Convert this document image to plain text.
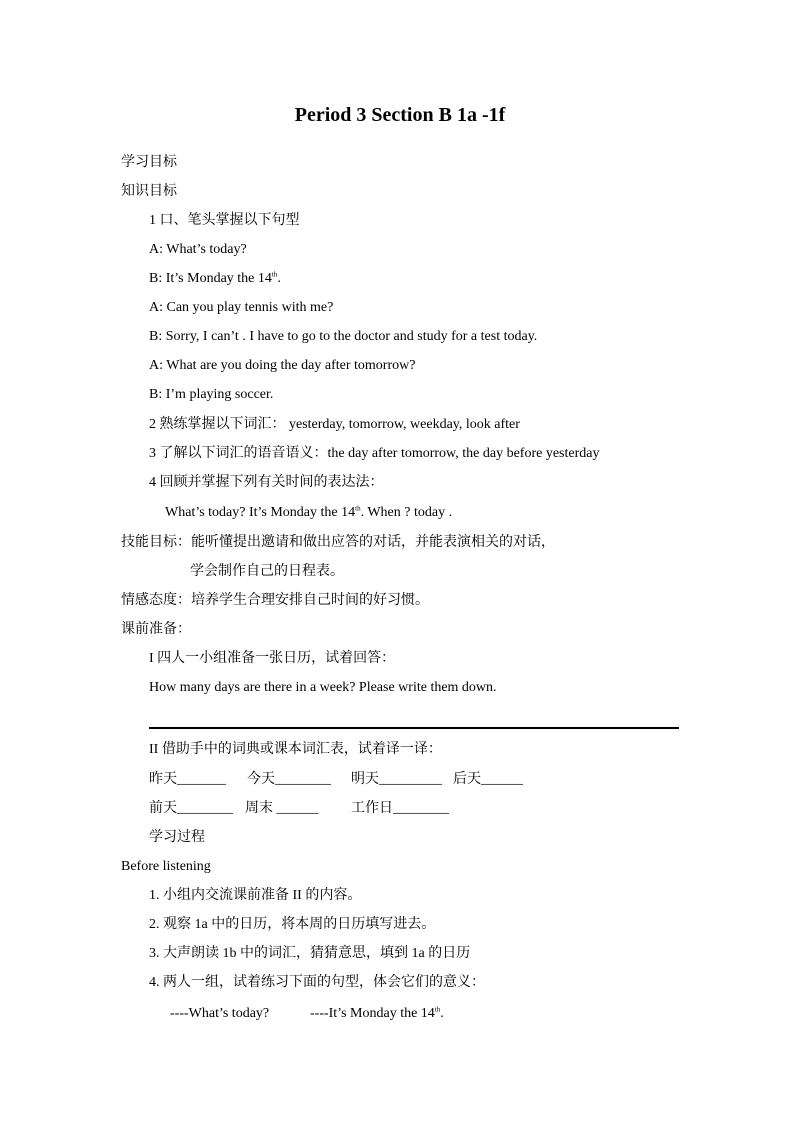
Period 3 Section B 1a -1f
学习目标
知识目标
1 口、笔头掌握以下句型
A: What’s today?
B: It’s Monday the 14th.
A: Can you play tennis with me?
B: Sorry, I can’t . I have to go to the doctor and study for a test today.
A: What are you doing the day after tomorrow?
B: I’m playing soccer.
2 熟练掌握以下词汇： yesterday, tomorrow, weekday, look after
3 了解以下词汇的语音语义：the day after tomorrow, the day before yesterday
4 回顾并掌握下列有关时间的表达法：
What’s today? It’s Monday the 14th. When ? today .
技能目标：能听懂提出邀请和做出应答的对话，并能表演相关的对话，
学会制作自己的日程表。
情感态度：培养学生合理安排自己时间的好习惯。
课前准备：
I 四人一小组准备一张日历，试着回答：
How many days are there in a week? Please write them down.
II 借助手中的词典或课本词汇表，试着译一译：
昨天_______ 今天________ 明天_________ 后天______
前天________ 周末 ______ 工作日________
学习过程
Before listening
1. 小组内交流课前准备 II 的内容。
2. 观察 1a 中的日历，将本周的日历填写进去。
3. 大声朗读 1b 中的词汇，猜猜意思，填到 1a 的日历
4. 两人一组，试着练习下面的句型，体会它们的意义：
----What’s today?	----It’s Monday the 14th.
